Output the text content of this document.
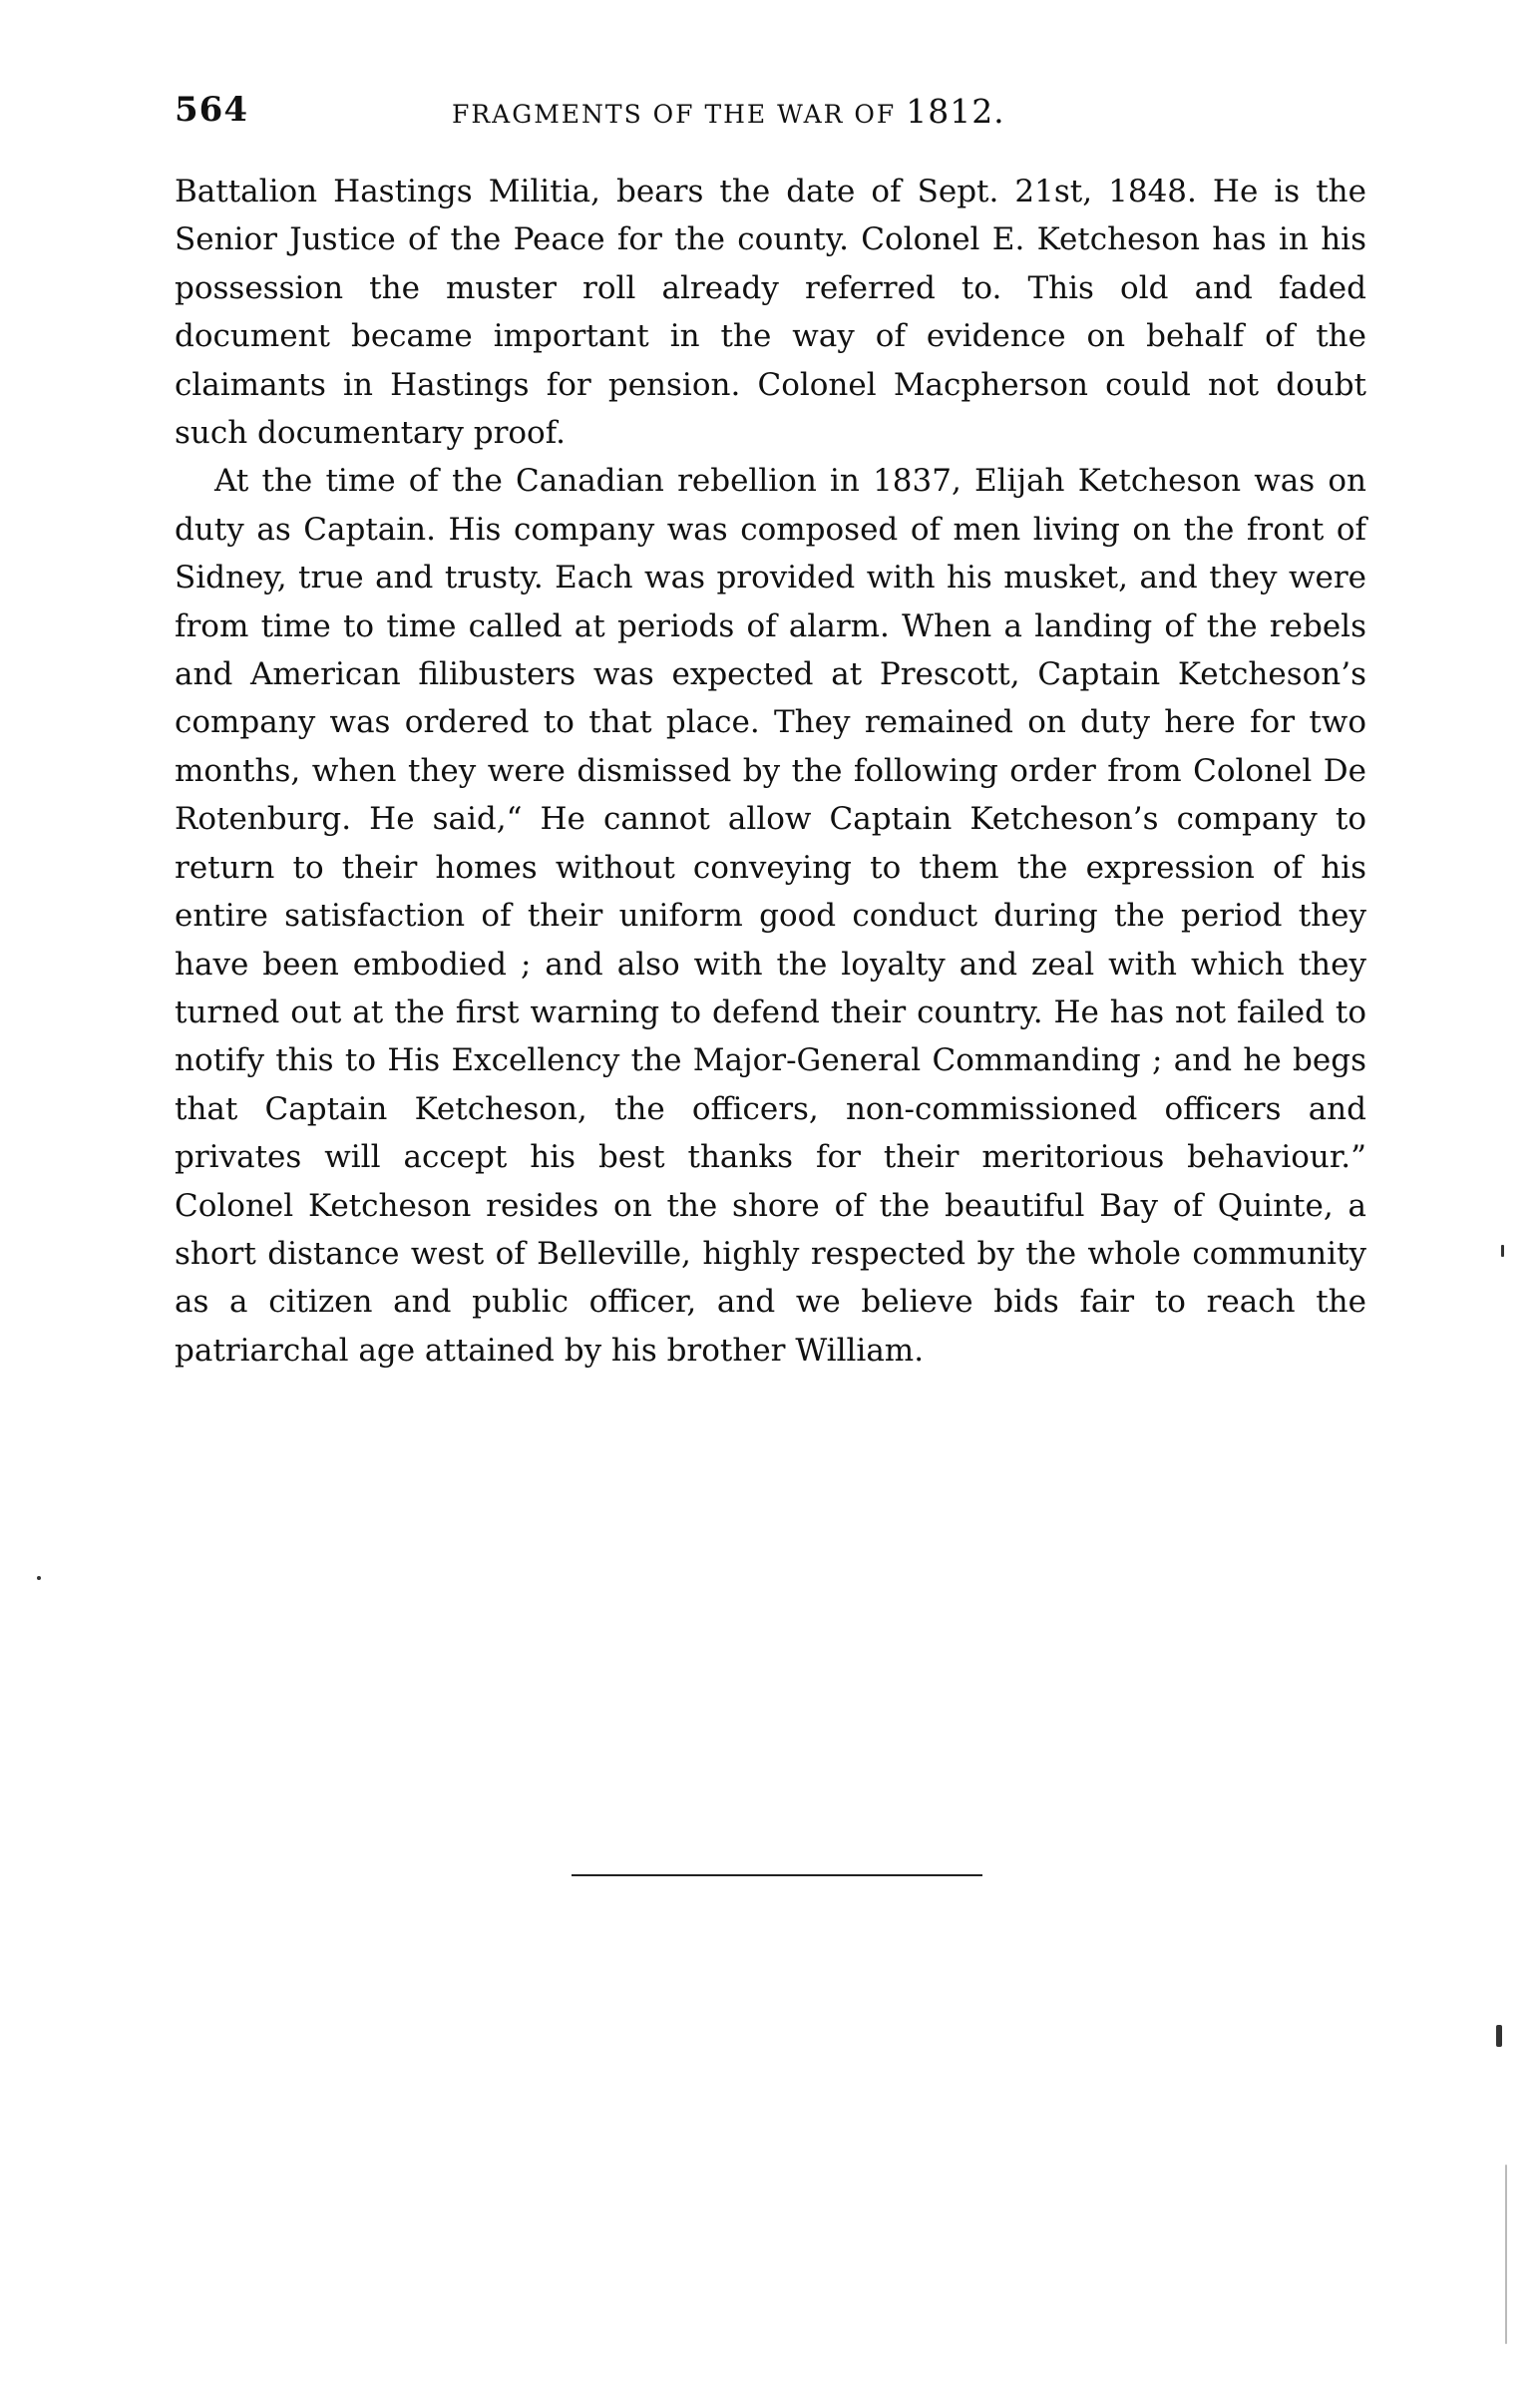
564	FRAGMENTS OF THE WAR OF 1812.

Battalion Hastings Militia, bears the date of Sept. 21st, 1848. He is the Senior Justice of the Peace for the county. Colonel E. Ketcheson has in his possession the muster roll already referred to. This old and faded document became important in the way of evidence on behalf of the claimants in Hastings for pension. Colonel Macpherson could not doubt such documentary proof.

At the time of the Canadian rebellion in 1837, Elijah Ketcheson was on duty as Captain. His company was composed of men living on the front of Sidney, true and trusty. Each was provided with his musket, and they were from time to time called at periods of alarm. When a landing of the rebels and American filibusters was expected at Prescott, Captain Ketcheson’s company was ordered to that place. They remained on duty here for two months, when they were dismissed by the following order from Colonel De Rotenburg. He said,“ He cannot allow Captain Ketcheson’s company to return to their homes without conveying to them the expression of his entire satisfaction of their uniform good conduct during the period they have been embodied ; and also with the loyalty and zeal with which they turned out at the first warning to defend their country. He has not failed to notify this to His Excellency the Major-General Commanding ; and he begs that Captain Ketcheson, the officers, non-commissioned officers and privates will accept his best thanks for their meritorious behaviour.” Colonel Ketcheson resides on the shore of the beautiful Bay of Quinte, a short distance west of Belleville, highly respected by the whole community as a citizen and public officer, and we believe bids fair to reach the patriarchal age attained by his brother William.
